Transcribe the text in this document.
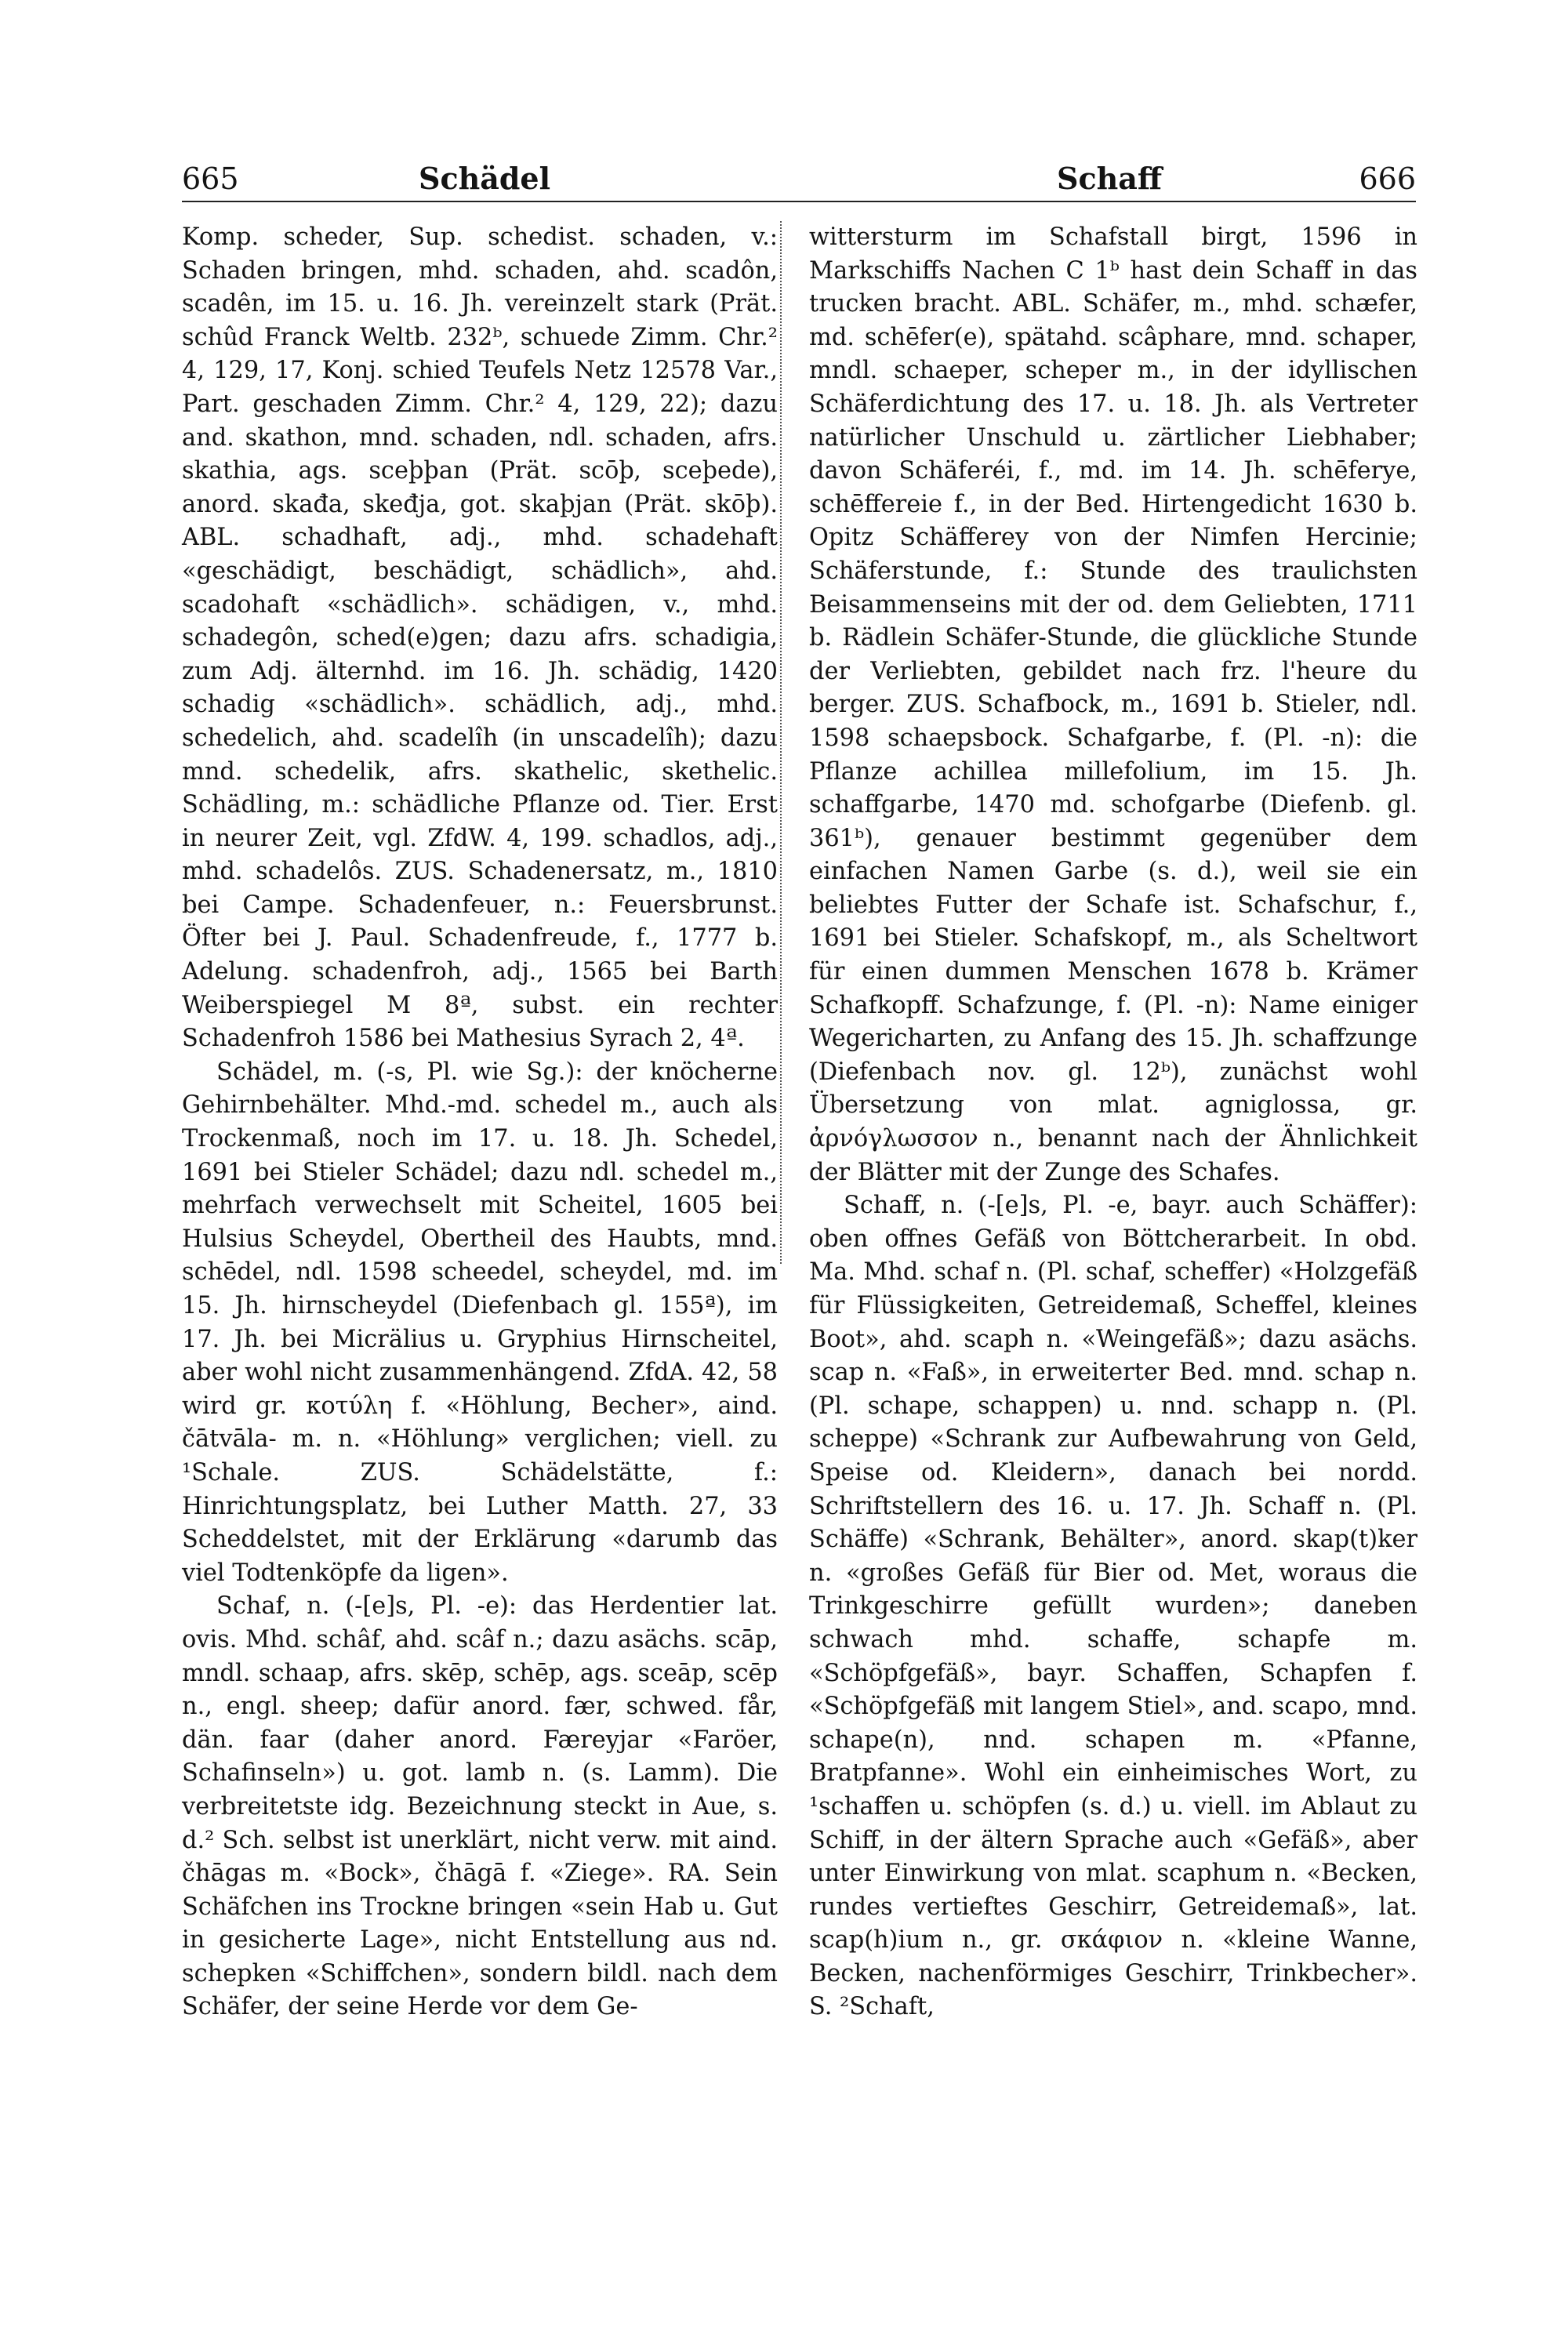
665	Schädel	Schaff	666

Komp. scheder, Sup. schedist. schaden, v.: Schaden bringen, mhd. schaden, ahd. scadôn, scadên, im 15. u. 16. Jh. vereinzelt stark (Prät. schûd Franck Weltb. 232ᵇ, schuede Zimm. Chr.² 4, 129, 17, Konj. schied Teufels Netz 12578 Var., Part. geschaden Zimm. Chr.² 4, 129, 22); dazu and. skathon, mnd. schaden, ndl. schaden, afrs. skathia, ags. sceþþan (Prät. scōþ, sceþede), anord. skađa, skeđja, got. skaþjan (Prät. skōþ). ABL. schadhaft, adj., mhd. schadehaft «geschädigt, beschädigt, schädlich», ahd. scadohaft «schädlich». schädigen, v., mhd. schadegôn, sched(e)gen; dazu afrs. schadigia, zum Adj. älternhd. im 16. Jh. schädig, 1420 schadig «schädlich». schädlich, adj., mhd. schedelich, ahd. scadelîh (in unscadelîh); dazu mnd. schedelik, afrs. skathelic, skethelic. Schädling, m.: schädliche Pflanze od. Tier. Erst in neurer Zeit, vgl. ZfdW. 4, 199. schadlos, adj., mhd. schadelôs. ZUS. Schadenersatz, m., 1810 bei Campe. Schadenfeuer, n.: Feuersbrunst. Öfter bei J. Paul. Schadenfreude, f., 1777 b. Adelung. schadenfroh, adj., 1565 bei Barth Weiberspiegel M 8ª, subst. ein rechter Schadenfroh 1586 bei Mathesius Syrach 2, 4ª.

Schädel, m. (-s, Pl. wie Sg.): der knöcherne Gehirnbehälter. Mhd.-md. schedel m., auch als Trockenmaß, noch im 17. u. 18. Jh. Schedel, 1691 bei Stieler Schädel; dazu ndl. schedel m., mehrfach verwechselt mit Scheitel, 1605 bei Hulsius Scheydel, Obertheil des Haubts, mnd. schēdel, ndl. 1598 scheedel, scheydel, md. im 15. Jh. hirnscheydel (Diefenbach gl. 155ª), im 17. Jh. bei Micrälius u. Gryphius Hirnscheitel, aber wohl nicht zusammenhängend. ZfdA. 42, 58 wird gr. κοτύλη f. «Höhlung, Becher», aind. čātvāla- m. n. «Höhlung» verglichen; viell. zu ¹Schale. ZUS. Schädelstätte, f.: Hinrichtungsplatz, bei Luther Matth. 27, 33 Scheddelstet, mit der Erklärung «darumb das viel Todtenköpfe da ligen».

Schaf, n. (-[e]s, Pl. -e): das Herdentier lat. ovis. Mhd. schâf, ahd. scâf n.; dazu asächs. scāp, mndl. schaap, afrs. skēp, schēp, ags. sceāp, scēp n., engl. sheep; dafür anord. fær, schwed. får, dän. faar (daher anord. Færeyjar «Faröer, Schafinseln») u. got. lamb n. (s. Lamm). Die verbreitetste idg. Bezeichnung steckt in Aue, s. d.² Sch. selbst ist unerklärt, nicht verw. mit aind. čhāgas m. «Bock», čhāgā f. «Ziege». RA. Sein Schäfchen ins Trockne bringen «sein Hab u. Gut in gesicherte Lage», nicht Entstellung aus nd. schepken «Schiffchen», sondern bildl. nach dem Schäfer, der seine Herde vor dem Ge-

wittersturm im Schafstall birgt, 1596 in Markschiffs Nachen C 1ᵇ hast dein Schaff in das trucken bracht. ABL. Schäfer, m., mhd. schæfer, md. schēfer(e), spätahd. scâphare, mnd. schaper, mndl. schaeper, scheper m., in der idyllischen Schäferdichtung des 17. u. 18. Jh. als Vertreter natürlicher Unschuld u. zärtlicher Liebhaber; davon Schäferéi, f., md. im 14. Jh. schēferye, schēffereie f., in der Bed. Hirtengedicht 1630 b. Opitz Schäfferey von der Nimfen Hercinie; Schäferstunde, f.: Stunde des traulichsten Beisammenseins mit der od. dem Geliebten, 1711 b. Rädlein Schäfer-Stunde, die glückliche Stunde der Verliebten, gebildet nach frz. l'heure du berger. ZUS. Schafbock, m., 1691 b. Stieler, ndl. 1598 schaepsbock. Schafgarbe, f. (Pl. -n): die Pflanze achillea millefolium, im 15. Jh. schaffgarbe, 1470 md. schofgarbe (Diefenb. gl. 361ᵇ), genauer bestimmt gegenüber dem einfachen Namen Garbe (s. d.), weil sie ein beliebtes Futter der Schafe ist. Schafschur, f., 1691 bei Stieler. Schafskopf, m., als Scheltwort für einen dummen Menschen 1678 b. Krämer Schafkopff. Schafzunge, f. (Pl. -n): Name einiger Wegericharten, zu Anfang des 15. Jh. schaffzunge (Diefenbach nov. gl. 12ᵇ), zunächst wohl Übersetzung von mlat. agniglossa, gr. ἀρνόγλωσσον n., benannt nach der Ähnlichkeit der Blätter mit der Zunge des Schafes.

Schaff, n. (-[e]s, Pl. -e, bayr. auch Schäffer): oben offnes Gefäß von Böttcherarbeit. In obd. Ma. Mhd. schaf n. (Pl. schaf, scheffer) «Holzgefäß für Flüssigkeiten, Getreidemaß, Scheffel, kleines Boot», ahd. scaph n. «Weingefäß»; dazu asächs. scap n. «Faß», in erweiterter Bed. mnd. schap n. (Pl. schape, schappen) u. nnd. schapp n. (Pl. scheppe) «Schrank zur Aufbewahrung von Geld, Speise od. Kleidern», danach bei nordd. Schriftstellern des 16. u. 17. Jh. Schaff n. (Pl. Schäffe) «Schrank, Behälter», anord. skap(t)ker n. «großes Gefäß für Bier od. Met, woraus die Trinkgeschirre gefüllt wurden»; daneben schwach mhd. schaffe, schapfe m. «Schöpfgefäß», bayr. Schaffen, Schapfen f. «Schöpfgefäß mit langem Stiel», and. scapo, mnd. schape(n), nnd. schapen m. «Pfanne, Bratpfanne». Wohl ein einheimisches Wort, zu ¹schaffen u. schöpfen (s. d.) u. viell. im Ablaut zu Schiff, in der ältern Sprache auch «Gefäß», aber unter Einwirkung von mlat. scaphum n. «Becken, rundes vertieftes Geschirr, Getreidemaß», lat. scap(h)ium n., gr. σκάφιον n. «kleine Wanne, Becken, nachenförmiges Geschirr, Trinkbecher». S. ²Schaft,
